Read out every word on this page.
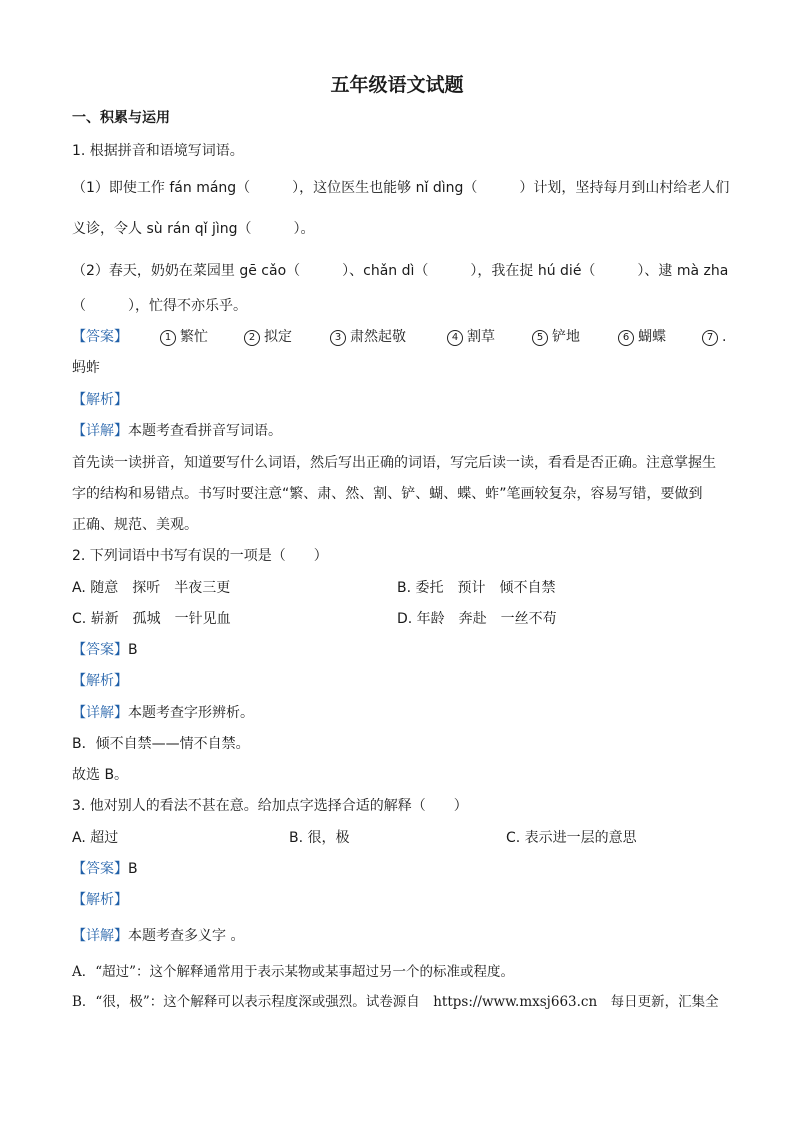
五年级语文试题
一、积累与运用
1. 根据拼音和语境写词语。
（1）即使工作 fán máng（　　　），这位医生也能够 nǐ dìng（　　　）计划，坚持每月到山村给老人们
义诊，令人 sù rán qǐ jìng（　　　）。
（2）春天，奶奶在菜园里 gē cǎo（　　　）、chǎn dì（　　　），我在捉 hú dié（　　　）、逮 mà zha
（　　　），忙得不亦乐乎。
【答案】	1 繁忙	2 拟定	3 肃然起敬	4 割草	5 铲地	6 蝴蝶	7 .
蚂蚱
【解析】
【详解】本题考查看拼音写词语。
首先读一读拼音，知道要写什么词语，然后写出正确的词语，写完后读一读，看看是否正确。注意掌握生
字的结构和易错点。书写时要注意“繁、肃、然、割、铲、蝴、蝶、蚱”笔画较复杂，容易写错，要做到
正确、规范、美观。
2. 下列词语中书写有误的一项是（　　）
A. 随意　探听　半夜三更	B. 委托　预计　倾不自禁
C. 崭新　孤城　一针见血	D. 年龄　奔赴　一丝不苟
【答案】B
【解析】
【详解】本题考查字形辨析。
B．倾不自禁——情不自禁。
故选 B。
3. 他对别人的看法不甚在意。给加点字选择合适的解释（　　）
A. 超过	B. 很，极	C. 表示进一层的意思
【答案】B
【解析】
【详解】本题考查多义字 。
A．“超过”：这个解释通常用于表示某物或某事超过另一个的标准或程度。
B．“很，极”：这个解释可以表示程度深或强烈。试卷源自　https://www.mxsj663.cn　每日更新，汇集全
